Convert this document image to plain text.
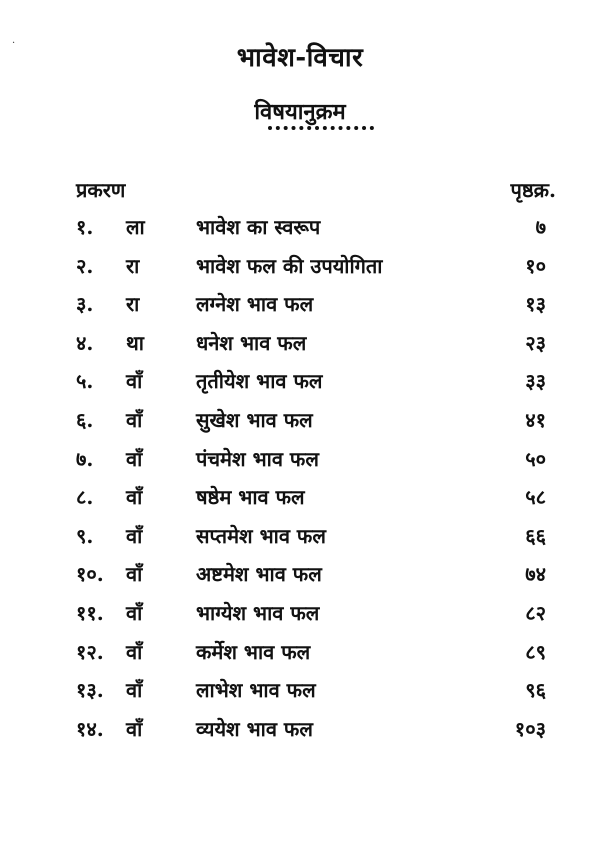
·	भावेश-विचार
विषयानुक्रम
प्रकरण	पृष्ठक्र.
१.	ला	भावेश का स्वरूप	७
२.	रा	भावेश फल की उपयोगिता	१०
३.	रा	लग्नेश भाव फल	१३
४.	था	धनेश भाव फल	२३
५.	वाँ	तृतीयेश भाव फल	३३
६.	वाँ	सुखेश भाव फल	४१
७.	वाँ	पंचमेश भाव फल	५०
८.	वाँ	षष्ठेम भाव फल	५८
९.	वाँ	सप्तमेश भाव फल	६६
१०.	वाँ	अष्टमेश भाव फल	७४
११.	वाँ	भाग्येश भाव फल	८२
१२.	वाँ	कर्मेश भाव फल	८९
१३.	वाँ	लाभेश भाव फल	९६
१४.	वाँ	व्ययेश भाव फल	१०३
